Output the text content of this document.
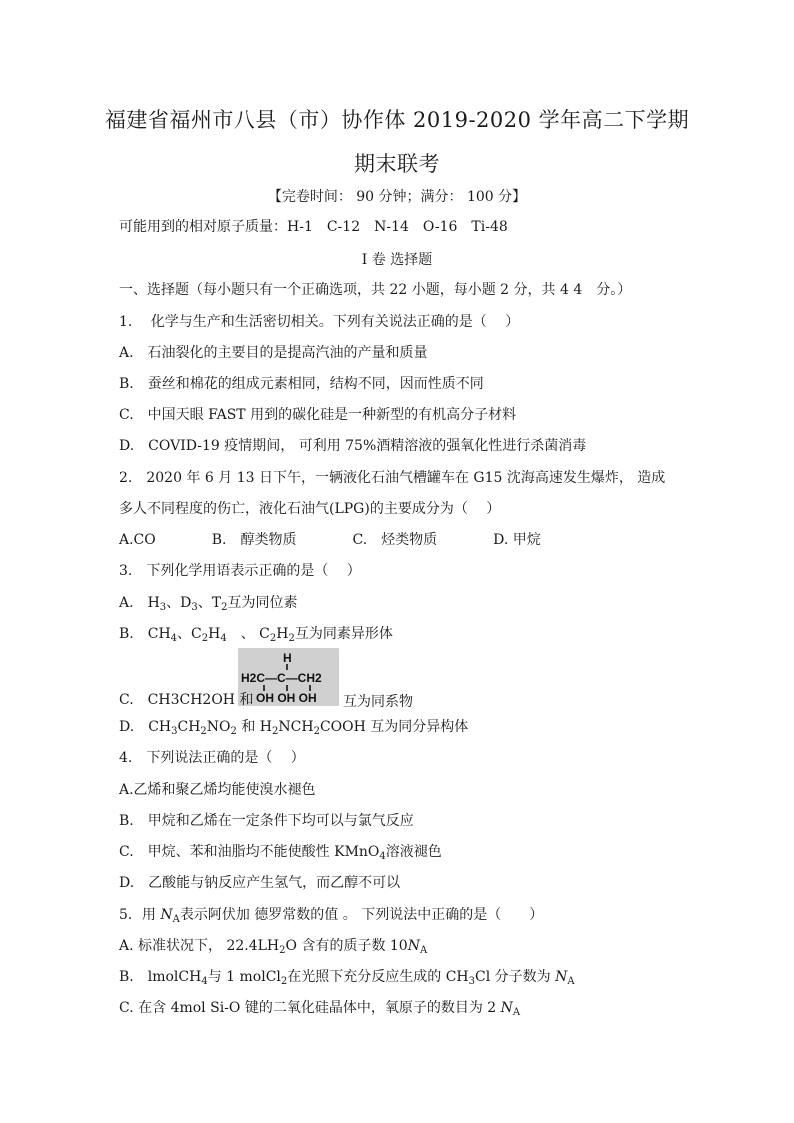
福建省福州市八县（市）协作体 2019-2020 学年高二下学期
期末联考
【完卷时间： 90 分钟；满分： 100 分】
可能用到的相对原子质量：H-1　C-12　N-14　O-16　Ti-48
I 卷 选择题
一、选择题（每小题只有一个正确选项，共 22 小题，每小题 2 分，共 4 4　分。）
1.　 化学与生产和生活密切相关。下列有关说法正确的是（　 ）
A.　石油裂化的主要目的是提高汽油的产量和质量
B.　蚕丝和棉花的组成元素相同，结构不同，因而性质不同
C.　中国天眼 FAST 用到的碳化硅是一种新型的有机高分子材料
D.　COVID-19 疫情期间， 可利用 75%酒精溶液的强氧化性进行杀菌消毒
2.　2020 年 6 月 13 日下午，一辆液化石油气槽罐车在 G15 沈海高速发生爆炸， 造成
多人不同程度的伤亡，液化石油气(LPG)的主要成分为（　 ）
A.CO　　　　B.　醇类物质　　　　C.　烃类物质　　　　D. 甲烷
3.　下列化学用语表示正确的是（　 ）
A.　 $H_3$、$D_3$、$T_2$互为同位素
B.　 $CH_4$、$C_2H_4$　、 $C_2H_2$互为同素异形体
H
H2C—C—CH2
OH OH OH
C.　CH3CH2OH 和	互为同系物
D.　 $CH_3CH_2NO_2$ 和 $H_2NCH_2COOH$ 互为同分异构体
4.　下列说法正确的是（　 ）
A.乙烯和聚乙烯均能使溴水褪色
B.　甲烷和乙烯在一定条件下均可以与氯气反应
C.　甲烷、苯和油脂均不能使酸性 KMnO$_4$溶液褪色
D.　乙酸能与钠反应产生氢气，而乙醇不可以
5．用 $N_A$表示阿伏加 德罗常数的值 。 下列说法中正确的是（　　）
A. 标准状况下， $22.4LH_2O$ 含有的质子数 $10N_A$
B.　lmolCH$_4$与 1 molCl$_2$在光照下充分反应生成的 $CH_3Cl$ 分子数为 $N_A$
C. 在含 4mol Si-O 键的二氧化硅晶体中，氧原子的数目为 2 $N_A$
